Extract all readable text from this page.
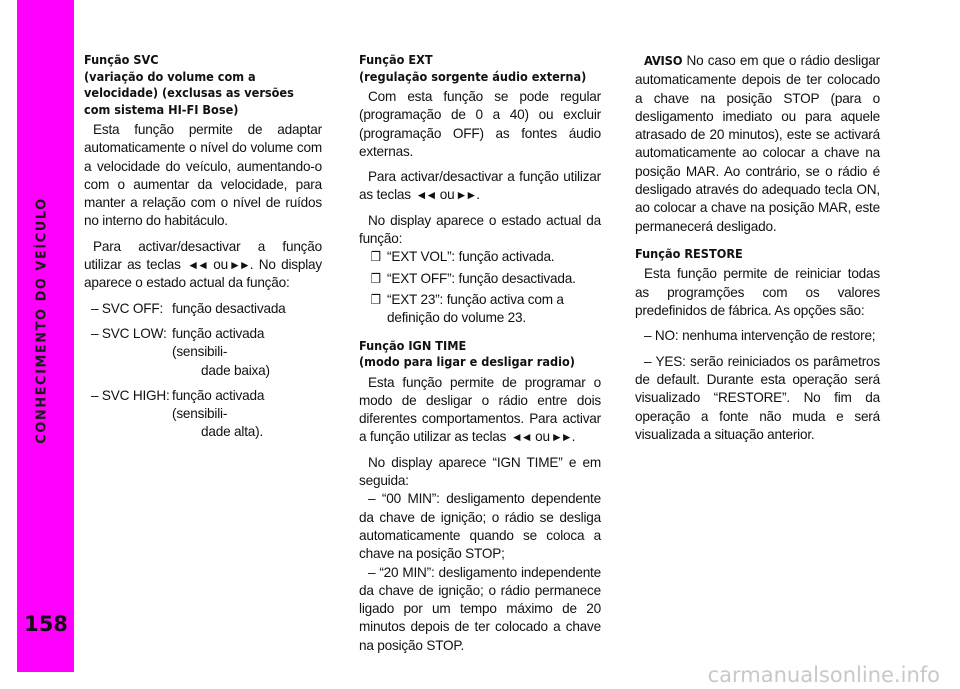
CONHECIMENTO DO VEÍCULO
158
Função SVC
(variação do volume com a
velocidade) (exclusas as versões
com sistema HI-FI Bose)

Esta função permite de adaptar automaticamente o nível do volume com a velocidade do veículo, aumentando-o com o aumentar da velocidade, para manter a relação com o nível de ruídos no interno do habitáculo.

Para activar/desactivar a função utilizar as teclas ◄◄ ou►►. No display aparece o estado actual da função:

– SVC OFF: função desactivada
– SVC LOW: função activada (sensibili-
dade baixa)
– SVC HIGH: função activada (sensibili-
dade alta).
Função EXT
(regulação sorgente áudio externa)

Com esta função se pode regular (programação de 0 a 40) ou excluir (programação OFF) as fontes áudio externas.

Para activar/desactivar a função utilizar as teclas ◄◄ ou►►.

No display aparece o estado actual da função:

❒ “EXT VOL”: função activada.
❒ “EXT OFF”: função desactivada.
❒ “EXT 23”: função activa com a definição do volume 23.
Função IGN TIME
(modo para ligar e desligar radio)

Esta função permite de programar o modo de desligar o rádio entre dois diferentes comportamentos. Para activar a função utilizar as teclas ◄◄ ou►►.

No display aparece “IGN TIME” e em seguida:

– “00 MIN”: desligamento dependente da chave de ignição; o rádio se desliga automaticamente quando se coloca a chave na posição STOP;

– “20 MIN”: desligamento independente da chave de ignição; o rádio permanece ligado por um tempo máximo de 20 minutos depois de ter colocado a chave na posição STOP.

AVISO No caso em que o rádio desligar automaticamente depois de ter colocado a chave na posição STOP (para o desligamento imediato ou para aquele atrasado de 20 minutos), este se activará automaticamente ao colocar a chave na posição MAR. Ao contrário, se o rádio é desligado através do adequado tecla ON, ao colocar a chave na posição MAR, este permanecerá desligado.

Função RESTORE

Esta função permite de reiniciar todas as programções com os valores predefinidos de fábrica. As opções são:

– NO: nenhuma intervenção de restore;

– YES: serão reiniciados os parâmetros de default. Durante esta operação será visualizado “RESTORE”. No fim da operação a fonte não muda e será visualizada a situação anterior.

carmanualsonline.info
